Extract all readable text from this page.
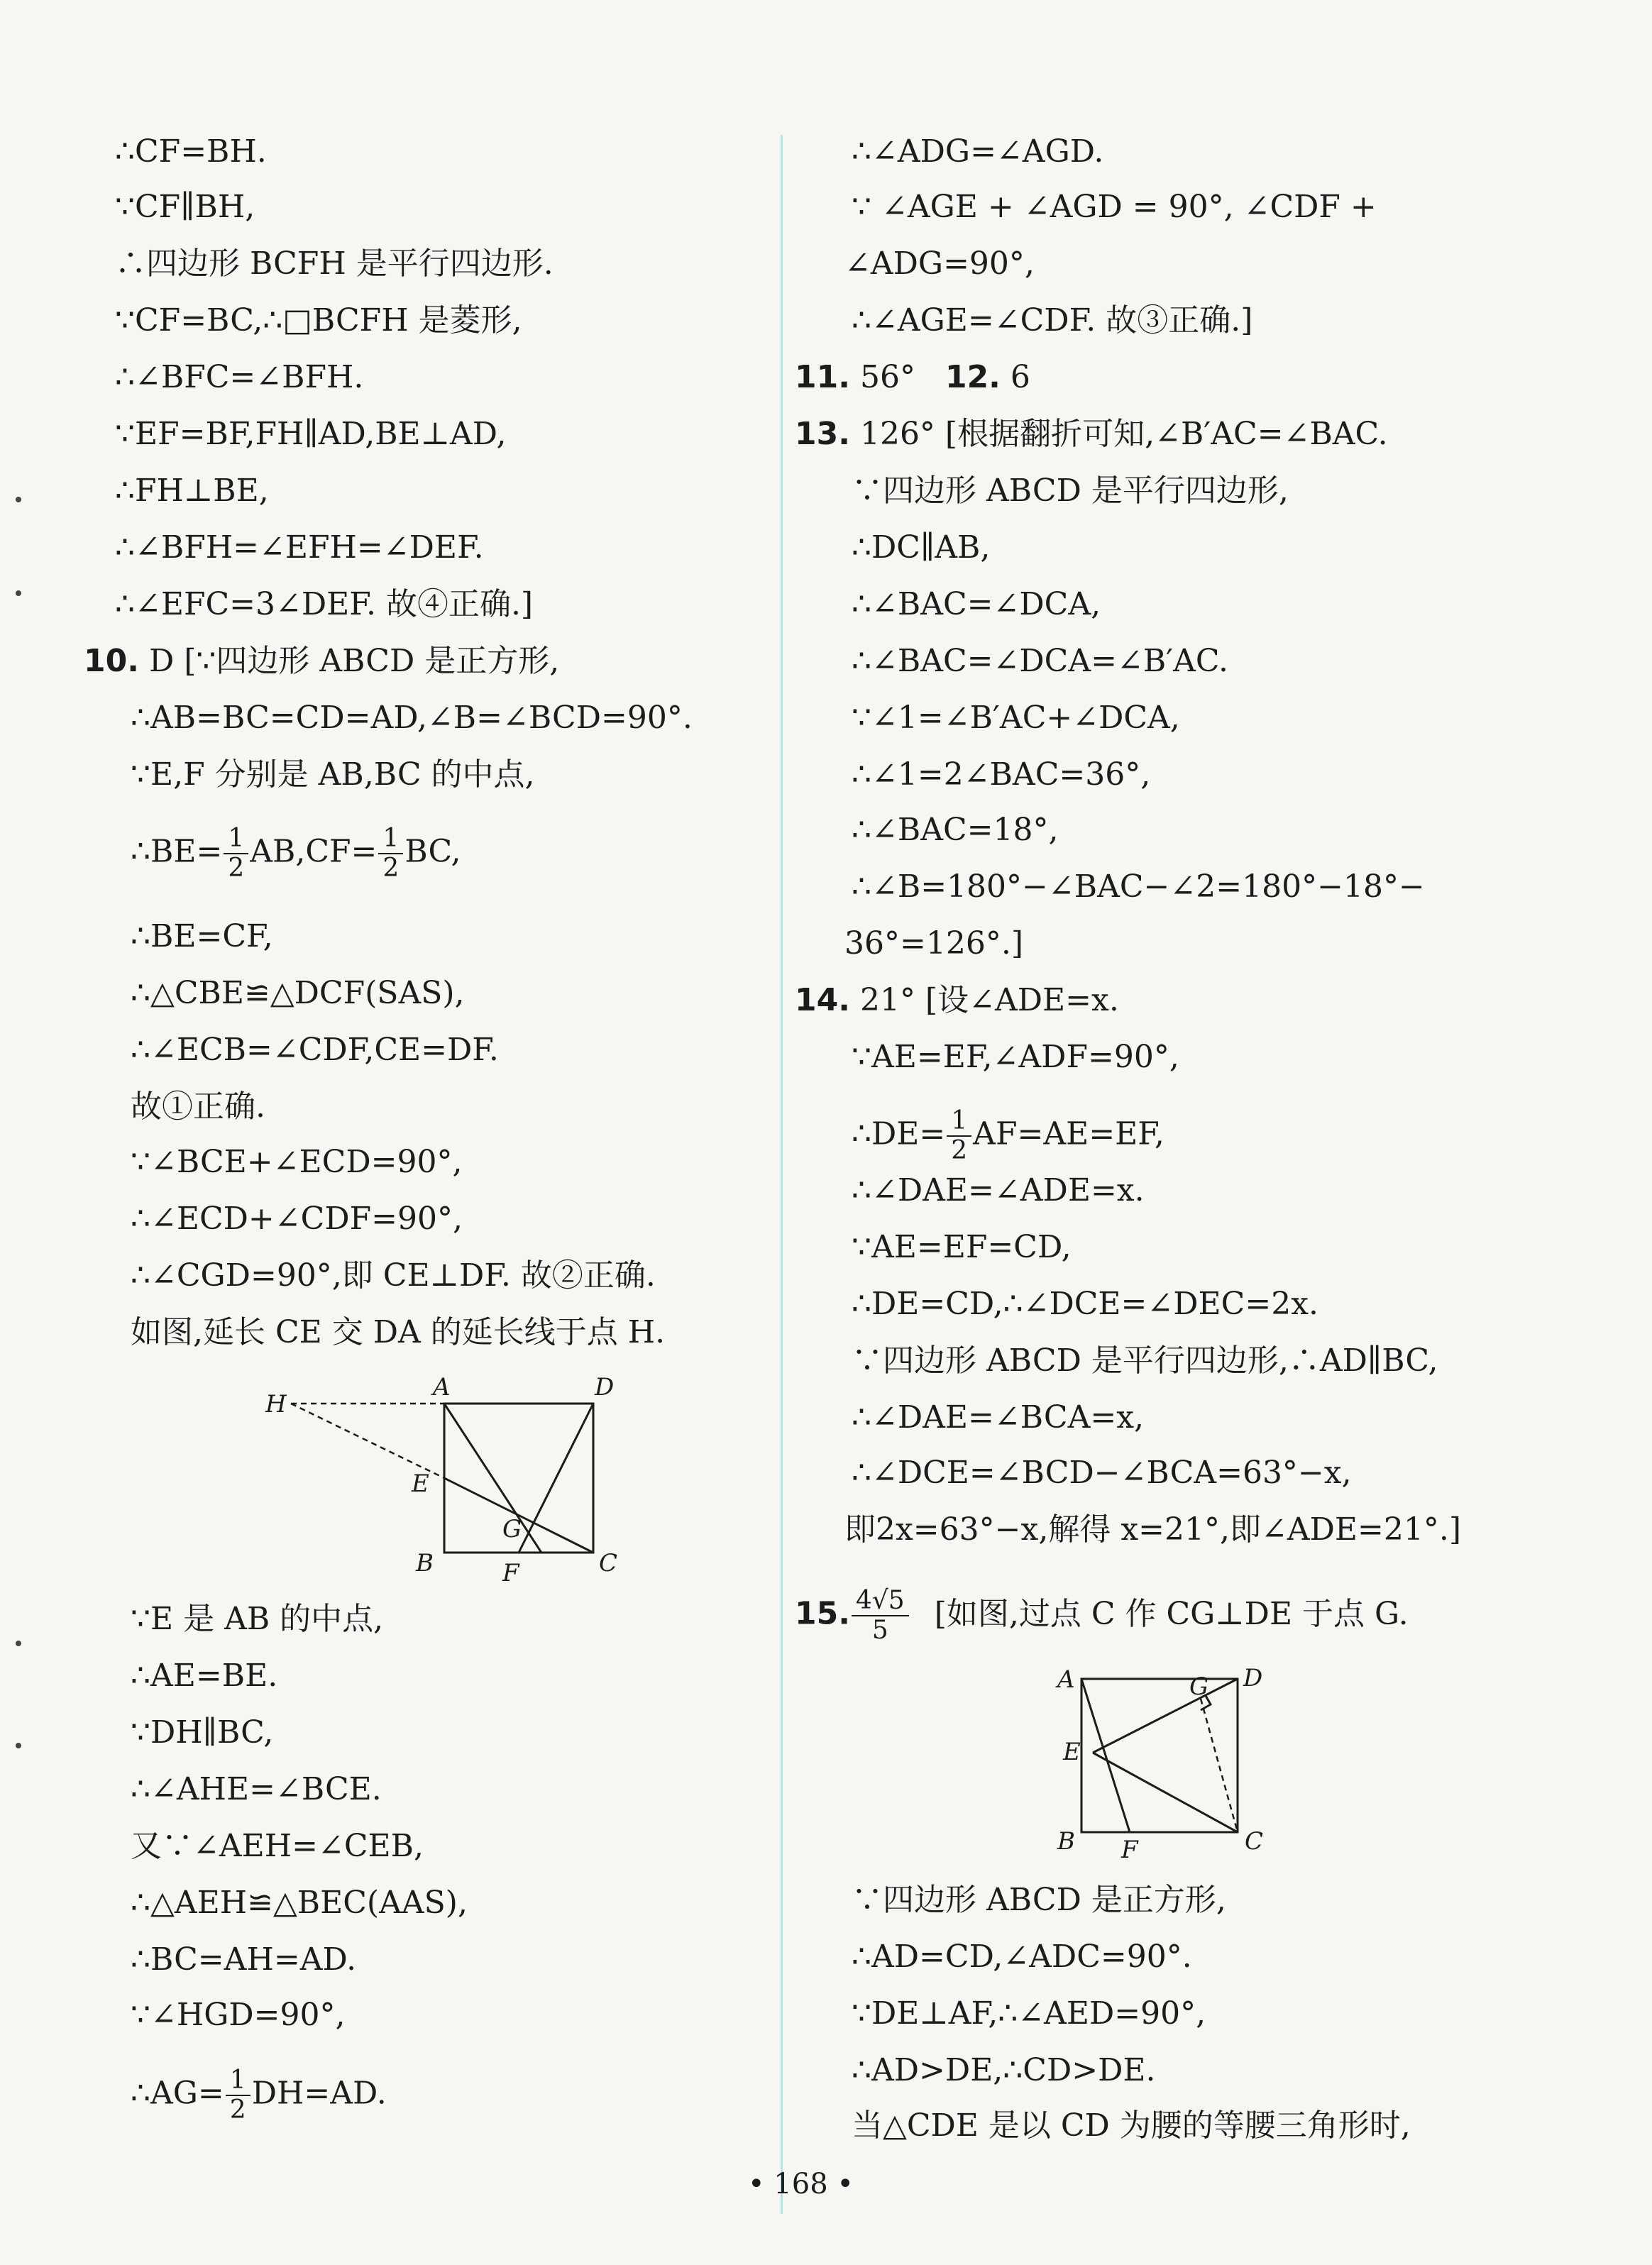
∴CF=BH.
∵CF∥BH,
∴四边形 BCFH 是平行四边形.
∵CF=BC,∴□BCFH 是菱形,
∴∠BFC=∠BFH.
∵EF=BF,FH∥AD,BE⊥AD,
∴FH⊥BE,
∴∠BFH=∠EFH=∠DEF.
∴∠EFC=3∠DEF. 故④正确.]
10. D [∵四边形 ABCD 是正方形,
∴AB=BC=CD=AD,∠B=∠BCD=90°.
∵E,F 分别是 AB,BC 的中点,
∴BE= $\frac{1}{2} AB,CF= \frac{1}{2}$ BC,
∴BE=CF,
∴△CBE≌△DCF(SAS),
∴∠ECB=∠CDF,CE=DF.
故①正确.
∵∠BCE+∠ECD=90°,
∴∠ECD+∠CDF=90°,
∴∠CGD=90°,即 CE⊥DF. 故②正确.
如图,延长 CE 交 DA 的延长线于点 H.
H
A	D
E
G
B	F	C
∵E 是 AB 的中点,
∴AE=BE.
∵DH∥BC,
∴∠AHE=∠BCE.
又∵∠AEH=∠CEB,
∴△AEH≌△BEC(AAS),
∴BC=AH=AD.
∵∠HGD=90°,
∴AG= $\frac{1}{2} DH=AD$.
∴∠ADG=∠AGD.
∵ ∠AGE + ∠AGD = 90°, ∠CDF +
∠ADG=90°,
∴∠AGE=∠CDF. 故③正确.]
11. 56° 12. 6
13. 126° [根据翻折可知,∠B′AC=∠BAC.
∵四边形 ABCD 是平行四边形,
∴DC∥AB,
∴∠BAC=∠DCA,
∴∠BAC=∠DCA=∠B′AC.
∵∠1=∠B′AC+∠DCA,
∴∠1=2∠BAC=36°,
∴∠BAC=18°,
∴∠B=180°−∠BAC−∠2=180°−18°−
36°=126°.]
14. 21° [设∠ADE=x.
∵AE=EF,∠ADF=90°,
∴DE= $\frac{1}{2} AF=AE=EF$,
∴∠DAE=∠ADE=x.
∵AE=EF=CD,
∴DE=CD,∴∠DCE=∠DEC=2x.
∵四边形 ABCD 是平行四边形,∴AD∥BC,
∴∠DAE=∠BCA=x,
∴∠DCE=∠BCD−∠BCA=63°−x,
即2x=63°−x,解得 x=21°,即∠ADE=21°.]
15. $\frac{4√5}{5}$ [如图,过点 C 作 CG⊥DE 于点 G.
A	D
G
E
B F	C
∵四边形 ABCD 是正方形,
∴AD=CD,∠ADC=90°.
∵DE⊥AF,∴∠AED=90°,
∴AD>DE,∴CD>DE.
当△CDE 是以 CD 为腰的等腰三角形时,
• 168 •
